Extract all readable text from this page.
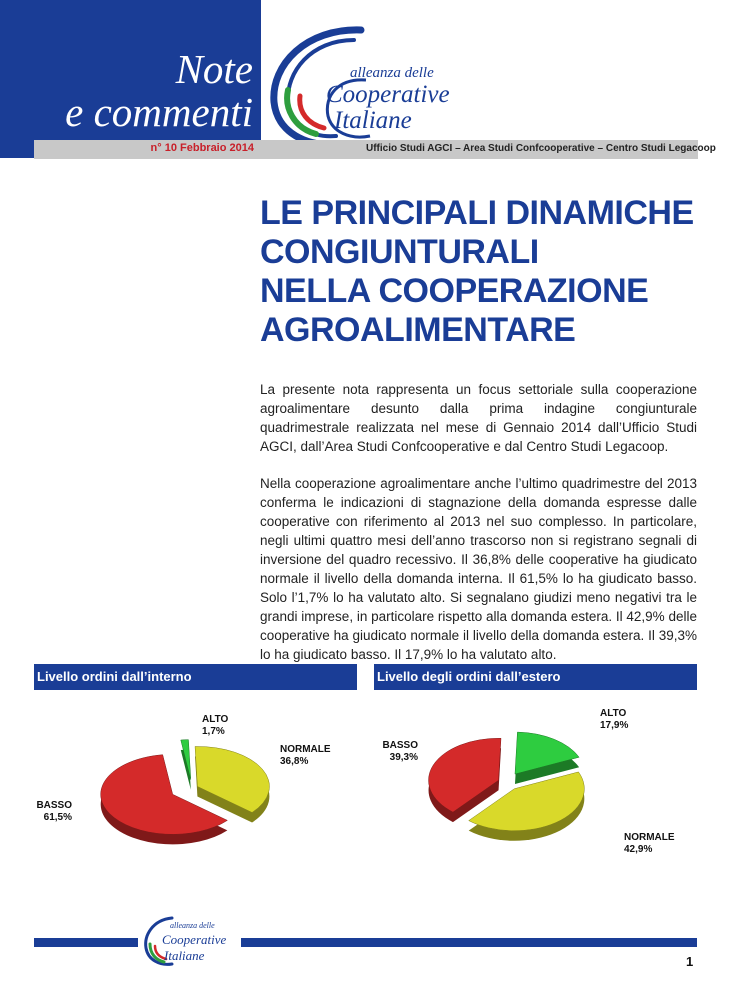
Note
e commenti
alleanza delle
Cooperative
Italiane
n° 10 Febbraio 2014	Ufficio Studi AGCI – Area Studi Confcooperative – Centro Studi Legacoop
LE PRINCIPALI DINAMICHE
CONGIUNTURALI
NELLA COOPERAZIONE
AGROALIMENTARE

La presente nota rappresenta un focus settoriale sulla cooperazione agroalimentare desunto dalla prima indagine congiunturale quadrimestrale realizzata nel mese di Gennaio 2014 dall’Ufficio Studi AGCI, dall’Area Studi Confcooperative e dal Centro Studi Legacoop.

Nella cooperazione agroalimentare anche l’ultimo quadrimestre del 2013 conferma le indicazioni di stagnazione della domanda espresse dalle cooperative con riferimento al 2013 nel suo complesso. In particolare, negli ultimi quattro mesi dell’anno trascorso non si registrano segnali di inversione del quadro recessivo. Il 36,8% delle cooperative ha giudicato normale il livello della domanda interna. Il 61,5% lo ha giudicato basso. Solo l’1,7% lo ha valutato alto. Si segnalano giudizi meno negativi tra le grandi imprese, in particolare rispetto alla domanda estera. Il 42,9% delle cooperative ha giudicato normale il livello della domanda estera. Il 39,3% lo ha giudicato basso. Il 17,9% lo ha valutato alto.

Livello ordini dall’interno	Livello degli ordini dall’estero
ALTO
1,7%
NORMALE
36,8%
BASSO
61,5%
ALTO
17,9%
NORMALE
42,9%
BASSO
39,3%
alleanza delle
Cooperative
Italiane	1
